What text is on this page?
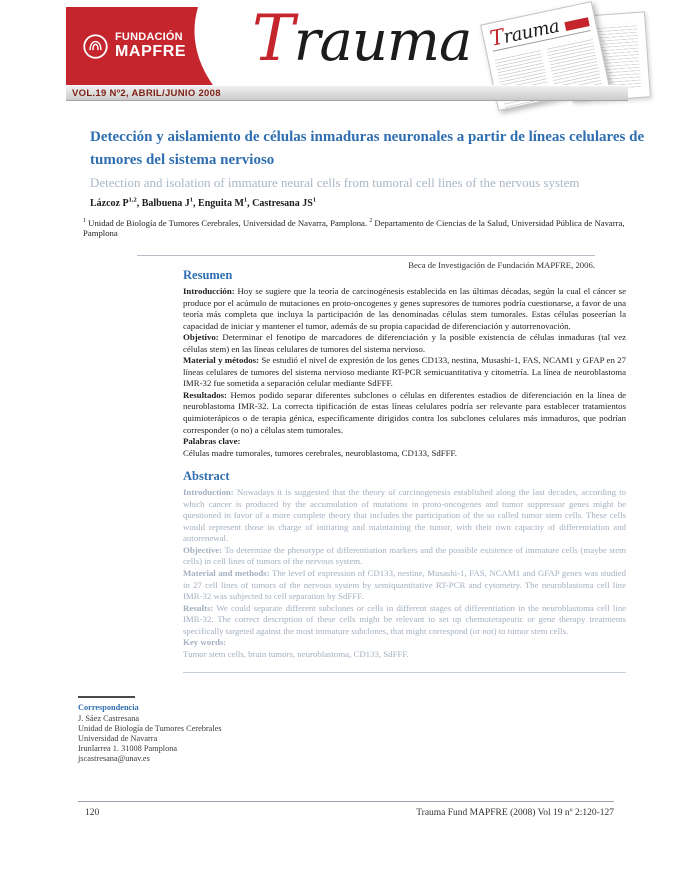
FUNDACIÓN
MAPFRE Trauma Trauma
VOL.19 Nº2, ABRIL/JUNIO 2008
Detección y aislamiento de células inmaduras neuronales a partir de líneas celulares de tumores del sistema nervioso
Detection and isolation of immature neural cells from tumoral cell lines of the nervous system
Lázcoz P$^{1,2}$ , Balbuena $J^1$ , Enguita $M^1$ , Castresana $JS^1$
$^1$ Unidad de Biología de Tumores Cerebrales, Universidad de Navarra, Pamplona. $^2$ Departamento de Ciencias de la Salud, Universidad Pública de Navarra, Pamplona
Beca de Investigación de Fundación MAPFRE, 2006.
Resumen

Introducción: Hoy se sugiere que la teoría de carcinogénesis establecida en las últimas décadas, según la cual el cáncer se produce por el acúmulo de mutaciones en proto-oncogenes y genes supresores de tumores podría cuestionarse, a favor de una teoría más completa que incluya la participación de las denominadas células stem tumorales. Estas células poseerían la capacidad de iniciar y mantener el tumor, además de su propia capacidad de diferenciación y autorrenovación.

Objetivo: Determinar el fenotipo de marcadores de diferenciación y la posible existencia de células inmaduras (tal vez células stem) en las líneas celulares de tumores del sistema nervioso.

Material y métodos: Se estudió el nivel de expresión de los genes CD133, nestina, Musashi-1, FAS, NCAM1 y GFAP en 27 líneas celulares de tumores del sistema nervioso mediante RT-PCR semicuantitativa y citometría. La línea de neuroblastoma IMR-32 fue sometida a separación celular mediante SdFFF.

Resultados: Hemos podido separar diferentes subclones o células en diferentes estadios de diferenciación en la línea de neuroblastoma IMR-32. La correcta tipificación de estas líneas celulares podría ser relevante para establecer tratamientos quimioterápicos o de terapia génica, específicamente dirigidos contra los subclones celulares más inmaduros, que podrían corresponder (o no) a células stem tumorales.

Palabras clave:

Células madre tumorales, tumores cerebrales, neuroblastoma, CD133, SdFFF.

Abstract

Introduction: Nowadays it is suggested that the theory of carcinogenesis established along the last decades, according to which cancer is produced by the accumulation of mutations in proto-oncogenes and tumor suppressor genes might be questioned in favor of a more complete theory that includes the participation of the so called tumor stem cells. These cells would represent those in charge of initiating and maintaining the tumor, with their own capacity of differentiation and autorenewal.

Objective: To determine the phenotype of differentiation markers and the possible existence of immature cells (maybe stem cells) in cell lines of tumors of the nervous system.

Material and methods: The level of expression of CD133, nestine, Musashi-1, FAS, NCAM1 and GFAP genes was studied in 27 cell lines of tumors of the nervous system by semiquantitative RT-PCR and cytometry. The neuroblastoma cell line IMR-32 was subjected to cell separation by SdFFF.

Results: We could separate different subclones or cells in different stages of differentiation in the neuroblastoma cell line IMR-32. The correct description of these cells might be relevant to set up chemoterapeutic or gene therapy treatments specifically targeted against the most immature subclones, that might correspond (or not) to tumor stem cells.

Key words:

Tumor stem cells, brain tumors, neuroblastoma, CD133, SdFFF.

Correspondencia
J. Sáez Castresana
Unidad de Biología de Tumores Cerebrales
Universidad de Navarra
Irunlarrea 1. 31008 Pamplona
jscastresana@unav.es
120	Trauma Fund MAPFRE (2008) Vol 19 nº 2:120-127
